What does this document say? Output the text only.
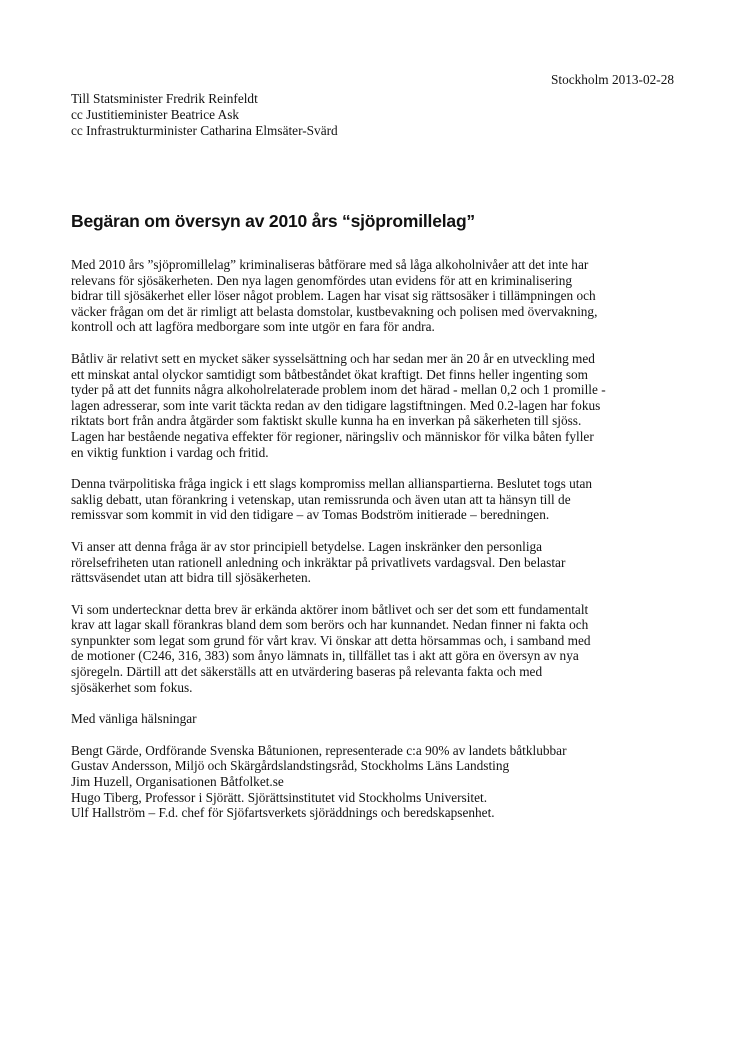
Stockholm 2013-02-28
Till Statsminister Fredrik Reinfeldt
cc Justitieminister Beatrice Ask
cc Infrastrukturminister Catharina Elmsäter-Svärd
Begäran om översyn av 2010 års “sjöpromillelag”

Med 2010 års ”sjöpromillelag” kriminaliseras båtförare med så låga alkoholnivåer att det inte har
relevans för sjösäkerheten. Den nya lagen genomfördes utan evidens för att en kriminalisering
bidrar till sjösäkerhet eller löser något problem. Lagen har visat sig rättsosäker i tillämpningen och
väcker frågan om det är rimligt att belasta domstolar, kustbevakning och polisen med övervakning,
kontroll och att lagföra medborgare som inte utgör en fara för andra.

Båtliv är relativt sett en mycket säker sysselsättning och har sedan mer än 20 år en utveckling med
ett minskat antal olyckor samtidigt som båtbeståndet ökat kraftigt. Det finns heller ingenting som
tyder på att det funnits några alkoholrelaterade problem inom det härad - mellan 0,2 och 1 promille -
lagen adresserar, som inte varit täckta redan av den tidigare lagstiftningen. Med 0.2-lagen har fokus
riktats bort från andra åtgärder som faktiskt skulle kunna ha en inverkan på säkerheten till sjöss.
Lagen har bestående negativa effekter för regioner, näringsliv och människor för vilka båten fyller
en viktig funktion i vardag och fritid.

Denna tvärpolitiska fråga ingick i ett slags kompromiss mellan allianspartierna. Beslutet togs utan
saklig debatt, utan förankring i vetenskap, utan remissrunda och även utan att ta hänsyn till de
remissvar som kommit in vid den tidigare – av Tomas Bodström initierade – beredningen.

Vi anser att denna fråga är av stor principiell betydelse. Lagen inskränker den personliga
rörelsefriheten utan rationell anledning och inkräktar på privatlivets vardagsval. Den belastar
rättsväsendet utan att bidra till sjösäkerheten.

Vi som undertecknar detta brev är erkända aktörer inom båtlivet och ser det som ett fundamentalt
krav att lagar skall förankras bland dem som berörs och har kunnandet. Nedan finner ni fakta och
synpunkter som legat som grund för vårt krav. Vi önskar att detta hörsammas och, i samband med
de motioner (C246, 316, 383) som ånyo lämnats in, tillfället tas i akt att göra en översyn av nya
sjöregeln. Därtill att det säkerställs att en utvärdering baseras på relevanta fakta och med
sjösäkerhet som fokus.

Med vänliga hälsningar
Bengt Gärde, Ordförande Svenska Båtunionen, representerade c:a 90% av landets båtklubbar
Gustav Andersson, Miljö och Skärgårdslandstingsråd, Stockholms Läns Landsting
Jim Huzell, Organisationen Båtfolket.se
Hugo Tiberg, Professor i Sjörätt. Sjörättsinstitutet vid Stockholms Universitet.
Ulf Hallström – F.d. chef för Sjöfartsverkets sjöräddnings och beredskapsenhet.
